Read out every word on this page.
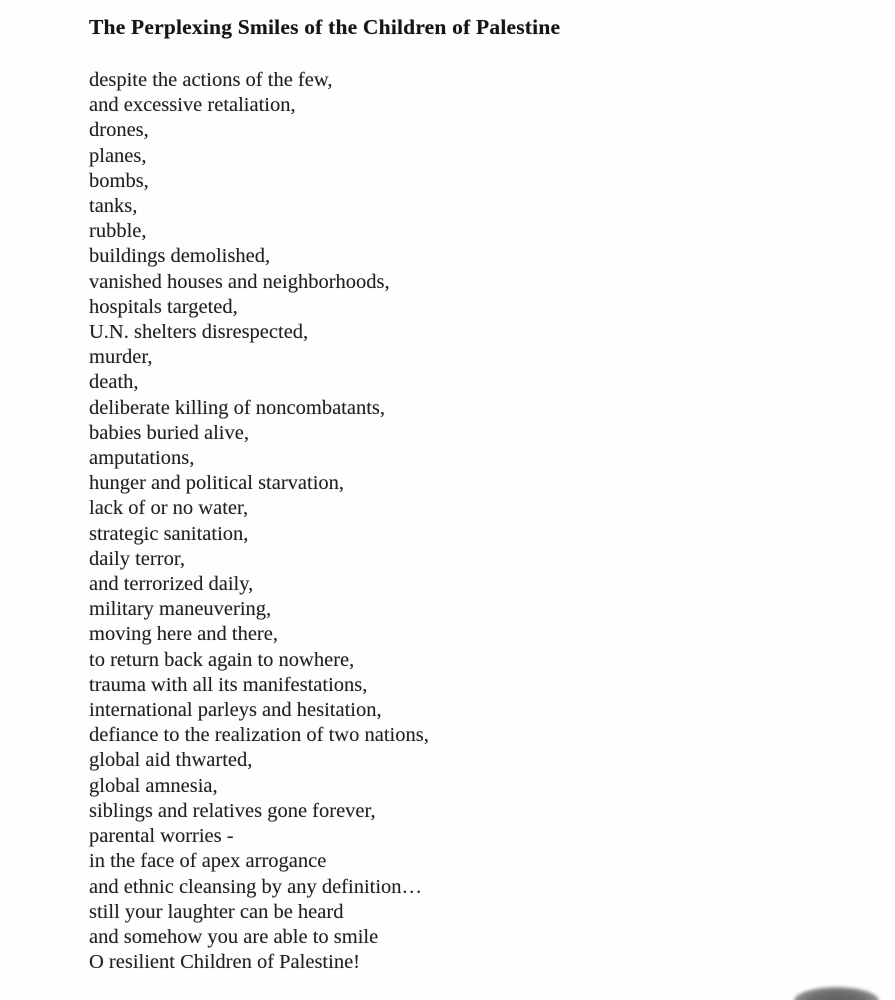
The Perplexing Smiles of the Children of Palestine
despite the actions of the few,
and excessive retaliation,
drones,
planes,
bombs,
tanks,
rubble,
buildings demolished,
vanished houses and neighborhoods,
hospitals targeted,
U.N. shelters disrespected,
murder,
death,
deliberate killing of noncombatants,
babies buried alive,
amputations,
hunger and political starvation,
lack of or no water,
strategic sanitation,
daily terror,
and terrorized daily,
military maneuvering,
moving here and there,
to return back again to nowhere,
trauma with all its manifestations,
international parleys and hesitation,
defiance to the realization of two nations,
global aid thwarted,
global amnesia,
siblings and relatives gone forever,
parental worries -
in the face of apex arrogance
and ethnic cleansing by any definition…
still your laughter can be heard
and somehow you are able to smile
O resilient Children of Palestine!
